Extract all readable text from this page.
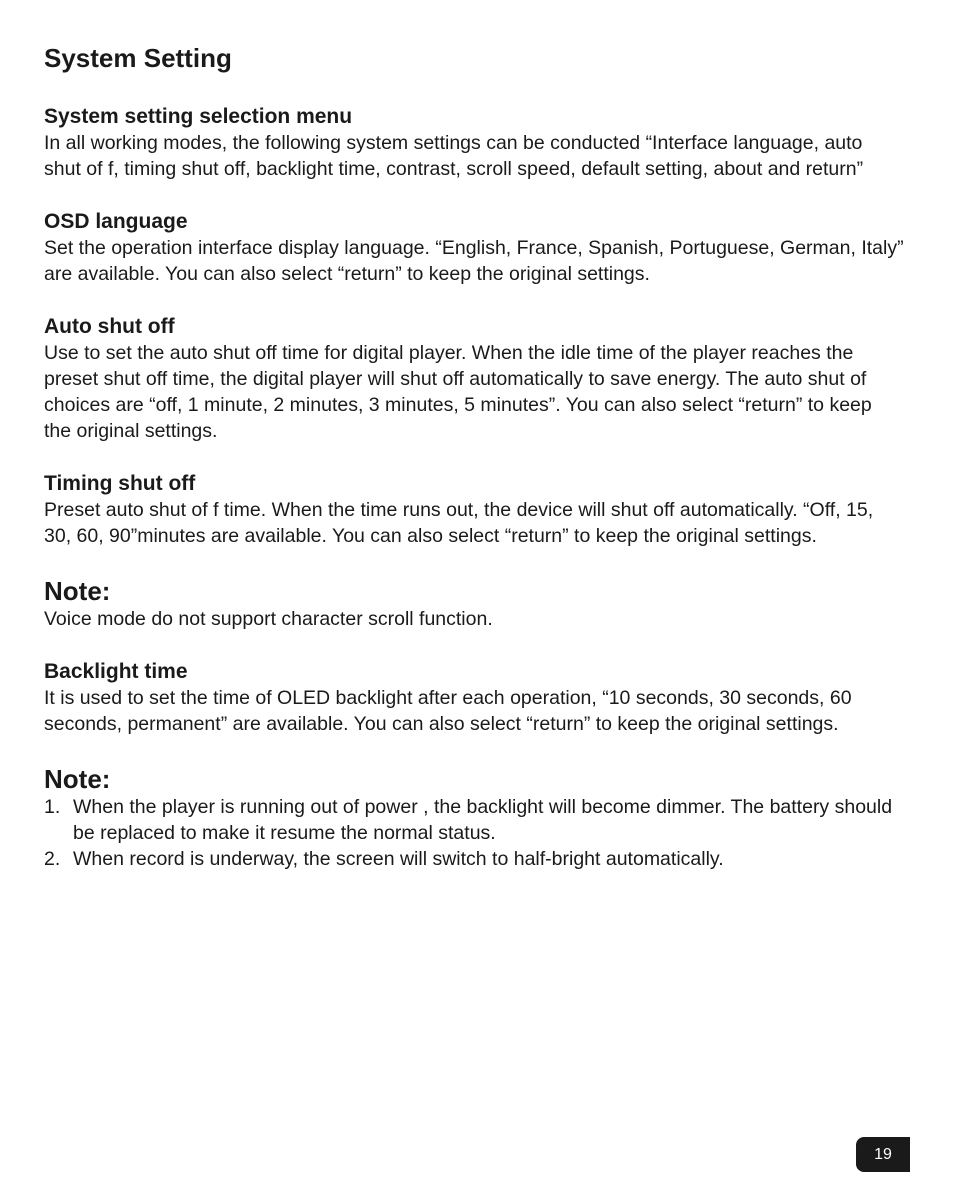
System Setting
System setting selection menu

In all working modes, the following system settings can be conducted “Interface language, auto shut of f, timing shut off, backlight time, contrast, scroll speed, default setting, about and return”

OSD language

Set the operation interface display language. “English, France, Spanish, Portuguese, German, Italy” are available. You can also select “return” to keep the original settings.

Auto shut off

Use to set the auto shut off time for digital player. When the idle time of the player reaches the preset shut off time, the digital player will shut off automatically to save energy. The auto shut of choices are “off, 1 minute, 2 minutes, 3 minutes, 5 minutes”. You can also select “return” to keep the original settings.

Timing shut off

Preset auto shut of f time. When the time runs out, the device will shut off automatically. “Off, 15, 30, 60, 90”minutes are available. You can also select “return” to keep the original settings.

Note:

Voice mode do not support character scroll function.

Backlight time

It is used to set the time of OLED backlight after each operation, “10 seconds, 30 seconds, 60 seconds, permanent” are available. You can also select “return” to keep the original settings.

Note:
1. When the player is running out of power , the backlight will become dimmer. The battery should be replaced to make it resume the normal status.
2. When record is underway, the screen will switch to half-bright automatically.
19
